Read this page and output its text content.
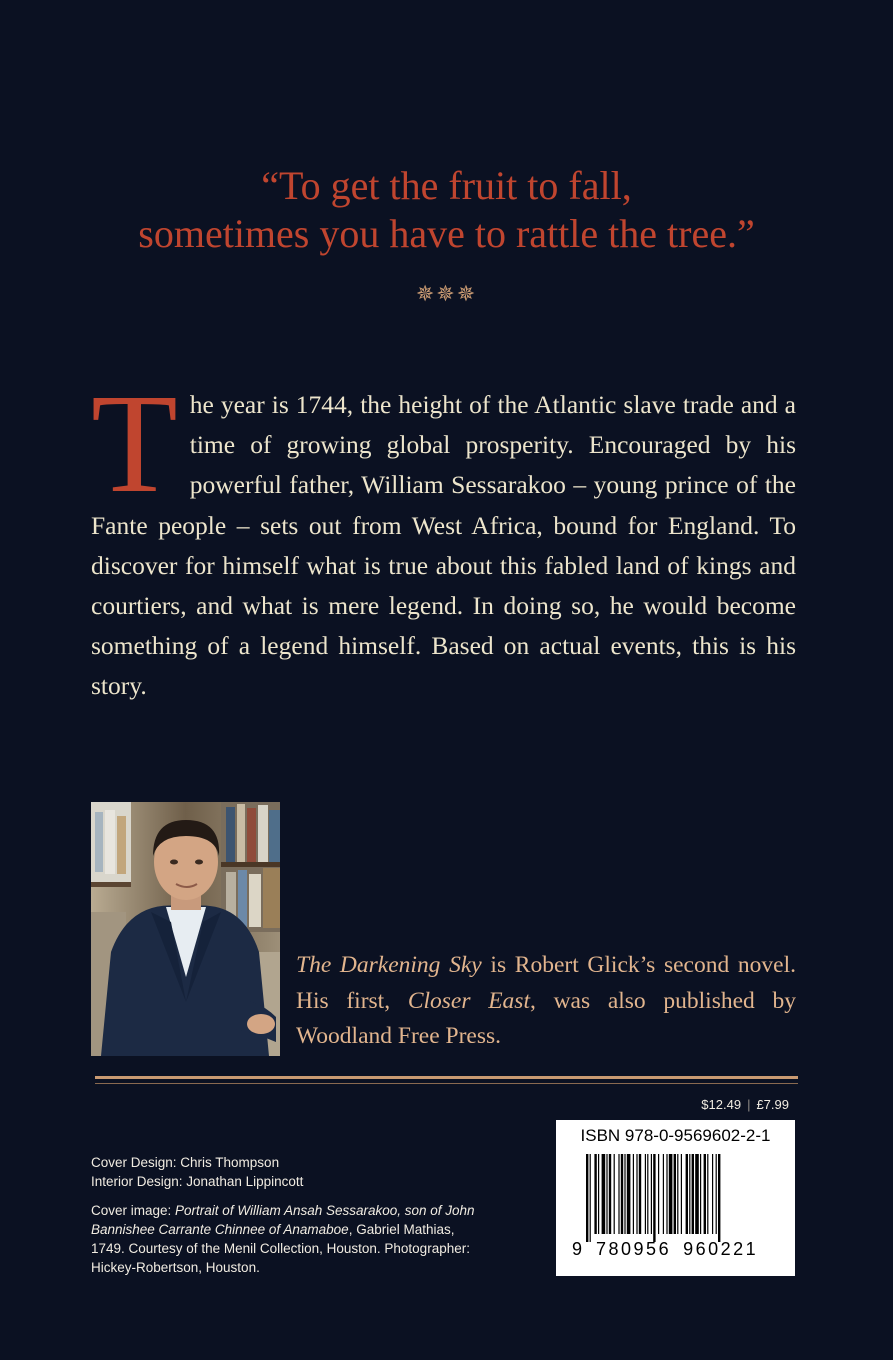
“To get the fruit to fall,
sometimes you have to rattle the tree.”
✵✵✵
The year is 1744, the height of the Atlantic slave trade and a time of growing global prosperity. Encouraged by his powerful father, William Sessarakoo – young prince of the Fante people – sets out from West Africa, bound for England. To discover for himself what is true about this fabled land of kings and courtiers, and what is mere legend. In doing so, he would become something of a legend himself. Based on actual events, this is his story.
The Darkening Sky is Robert Glick’s second novel. His first, Closer East, was also published by Woodland Free Press.
$12.49 | £7.99
Cover Design: Chris Thompson
Interior Design: Jonathan Lippincott
Cover image: Portrait of William Ansah Sessarakoo, son of John Bannishee Carrante Chinnee of Anamaboe, Gabriel Mathias, 1749. Courtesy of the Menil Collection, Houston. Photographer: Hickey-Robertson, Houston.
ISBN 978-0-9569602-2-1
9 780956 960221
